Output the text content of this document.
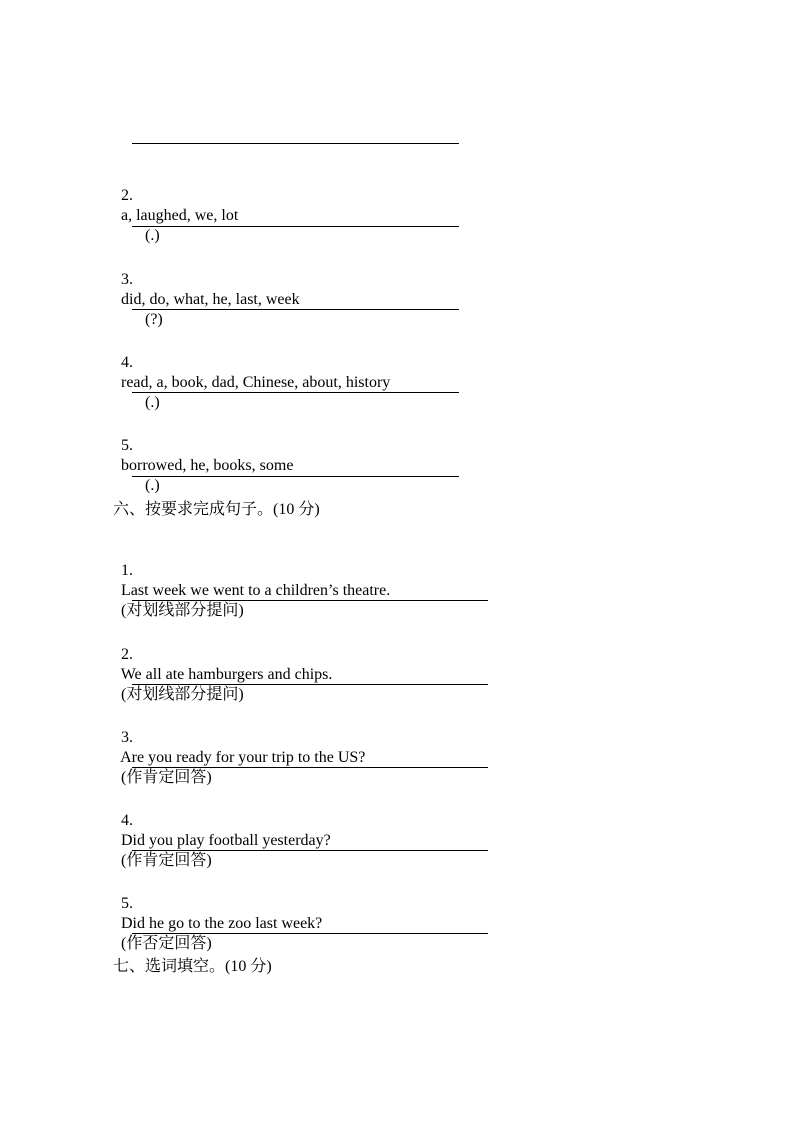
2.
a, laughed, we, lot
(.)

3.
did, do, what, he, last, week
(?)

4.
read, a, book, dad, Chinese, about, history
(.)

5.
borrowed, he, books, some
(.)

六、按要求完成句子。(10 分)

1.
Last week we went to a children’s theatre.
(对划线部分提问)

2.
We all ate hamburgers and chips.
(对划线部分提问)

3.
Are you ready for your trip to the US?
(作肯定回答)

4.
Did you play football yesterday?
(作肯定回答)

5.
Did he go to the zoo last week?
(作否定回答)

七、选词填空。(10 分)
